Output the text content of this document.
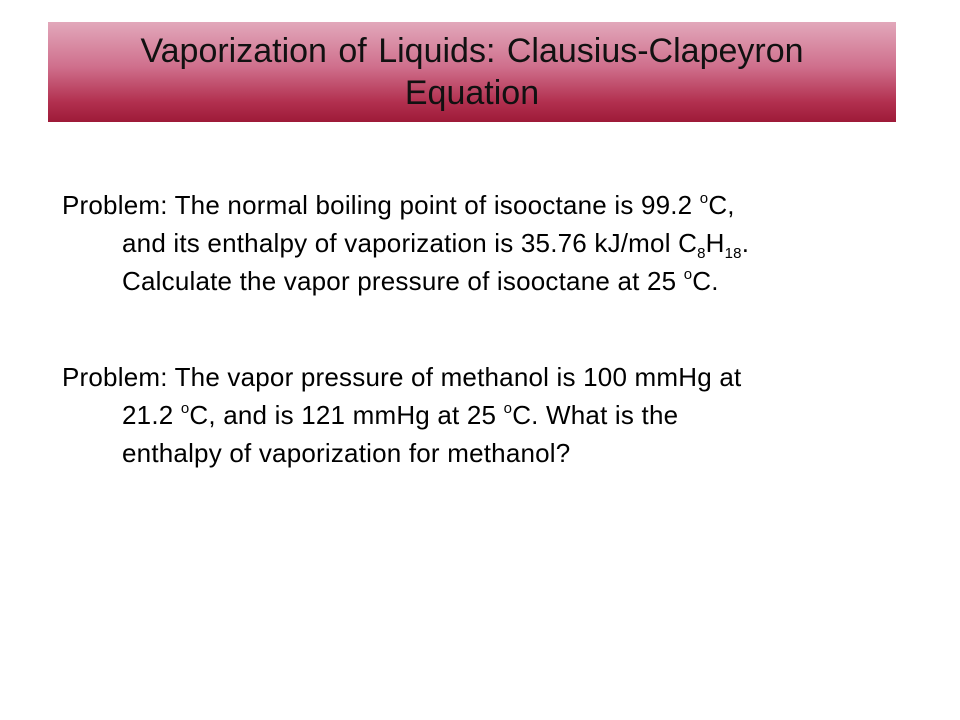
Vaporization of Liquids: Clausius-Clapeyron Equation
Problem: The normal boiling point of isooctane is 99.2 $^o$C,
and its enthalpy of vaporization is 35.76 kJ/mol $C_8H_{18}$.
Calculate the vapor pressure of isooctane at 25 $^o$C.
Problem: The vapor pressure of methanol is 100 mmHg at
21.2 $^o$C, and is 121 mmHg at 25 $^o$C. What is the
enthalpy of vaporization for methanol?
